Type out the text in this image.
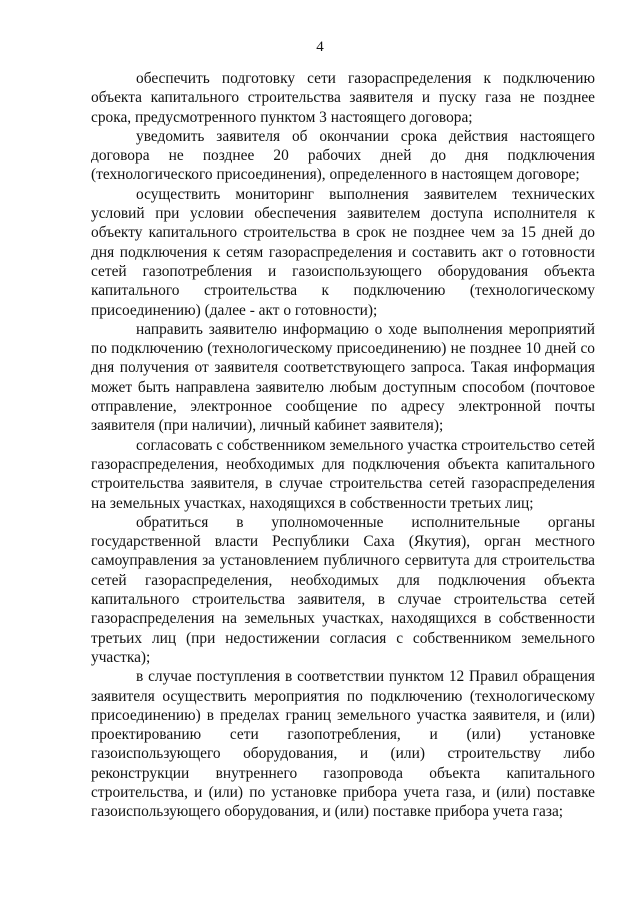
4

обеспечить подготовку сети газораспределения к подключению объекта капитального строительства заявителя и пуску газа не позднее срока, предусмотренного пунктом 3 настоящего договора;

уведомить заявителя об окончании срока действия настоящего договора не позднее 20 рабочих дней до дня подключения (технологического присоединения), определенного в настоящем договоре;

осуществить мониторинг выполнения заявителем технических условий при условии обеспечения заявителем доступа исполнителя к объекту капитального строительства в срок не позднее чем за 15 дней до дня подключения к сетям газораспределения и составить акт о готовности сетей газопотребления и газоиспользующего оборудования объекта капитального строительства к подключению (технологическому присоединению) (далее - акт о готовности);

направить заявителю информацию о ходе выполнения мероприятий по подключению (технологическому присоединению) не позднее 10 дней со дня получения от заявителя соответствующего запроса. Такая информация может быть направлена заявителю любым доступным способом (почтовое отправление, электронное сообщение по адресу электронной почты заявителя (при наличии), личный кабинет заявителя);

согласовать с собственником земельного участка строительство сетей газораспределения, необходимых для подключения объекта капитального строительства заявителя, в случае строительства сетей газораспределения на земельных участках, находящихся в собственности третьих лиц;

обратиться в уполномоченные исполнительные органы государственной власти Республики Саха (Якутия), орган местного самоуправления за установлением публичного сервитута для строительства сетей газораспределения, необходимых для подключения объекта капитального строительства заявителя, в случае строительства сетей газораспределения на земельных участках, находящихся в собственности третьих лиц (при недостижении согласия с собственником земельного участка);

в случае поступления в соответствии пунктом 12 Правил обращения заявителя осуществить мероприятия по подключению (технологическому присоединению) в пределах границ земельного участка заявителя, и (или) проектированию сети газопотребления, и (или) установке газоиспользующего оборудования, и (или) строительству либо реконструкции внутреннего газопровода объекта капитального строительства, и (или) по установке прибора учета газа, и (или) поставке газоиспользующего оборудования, и (или) поставке прибора учета газа;
